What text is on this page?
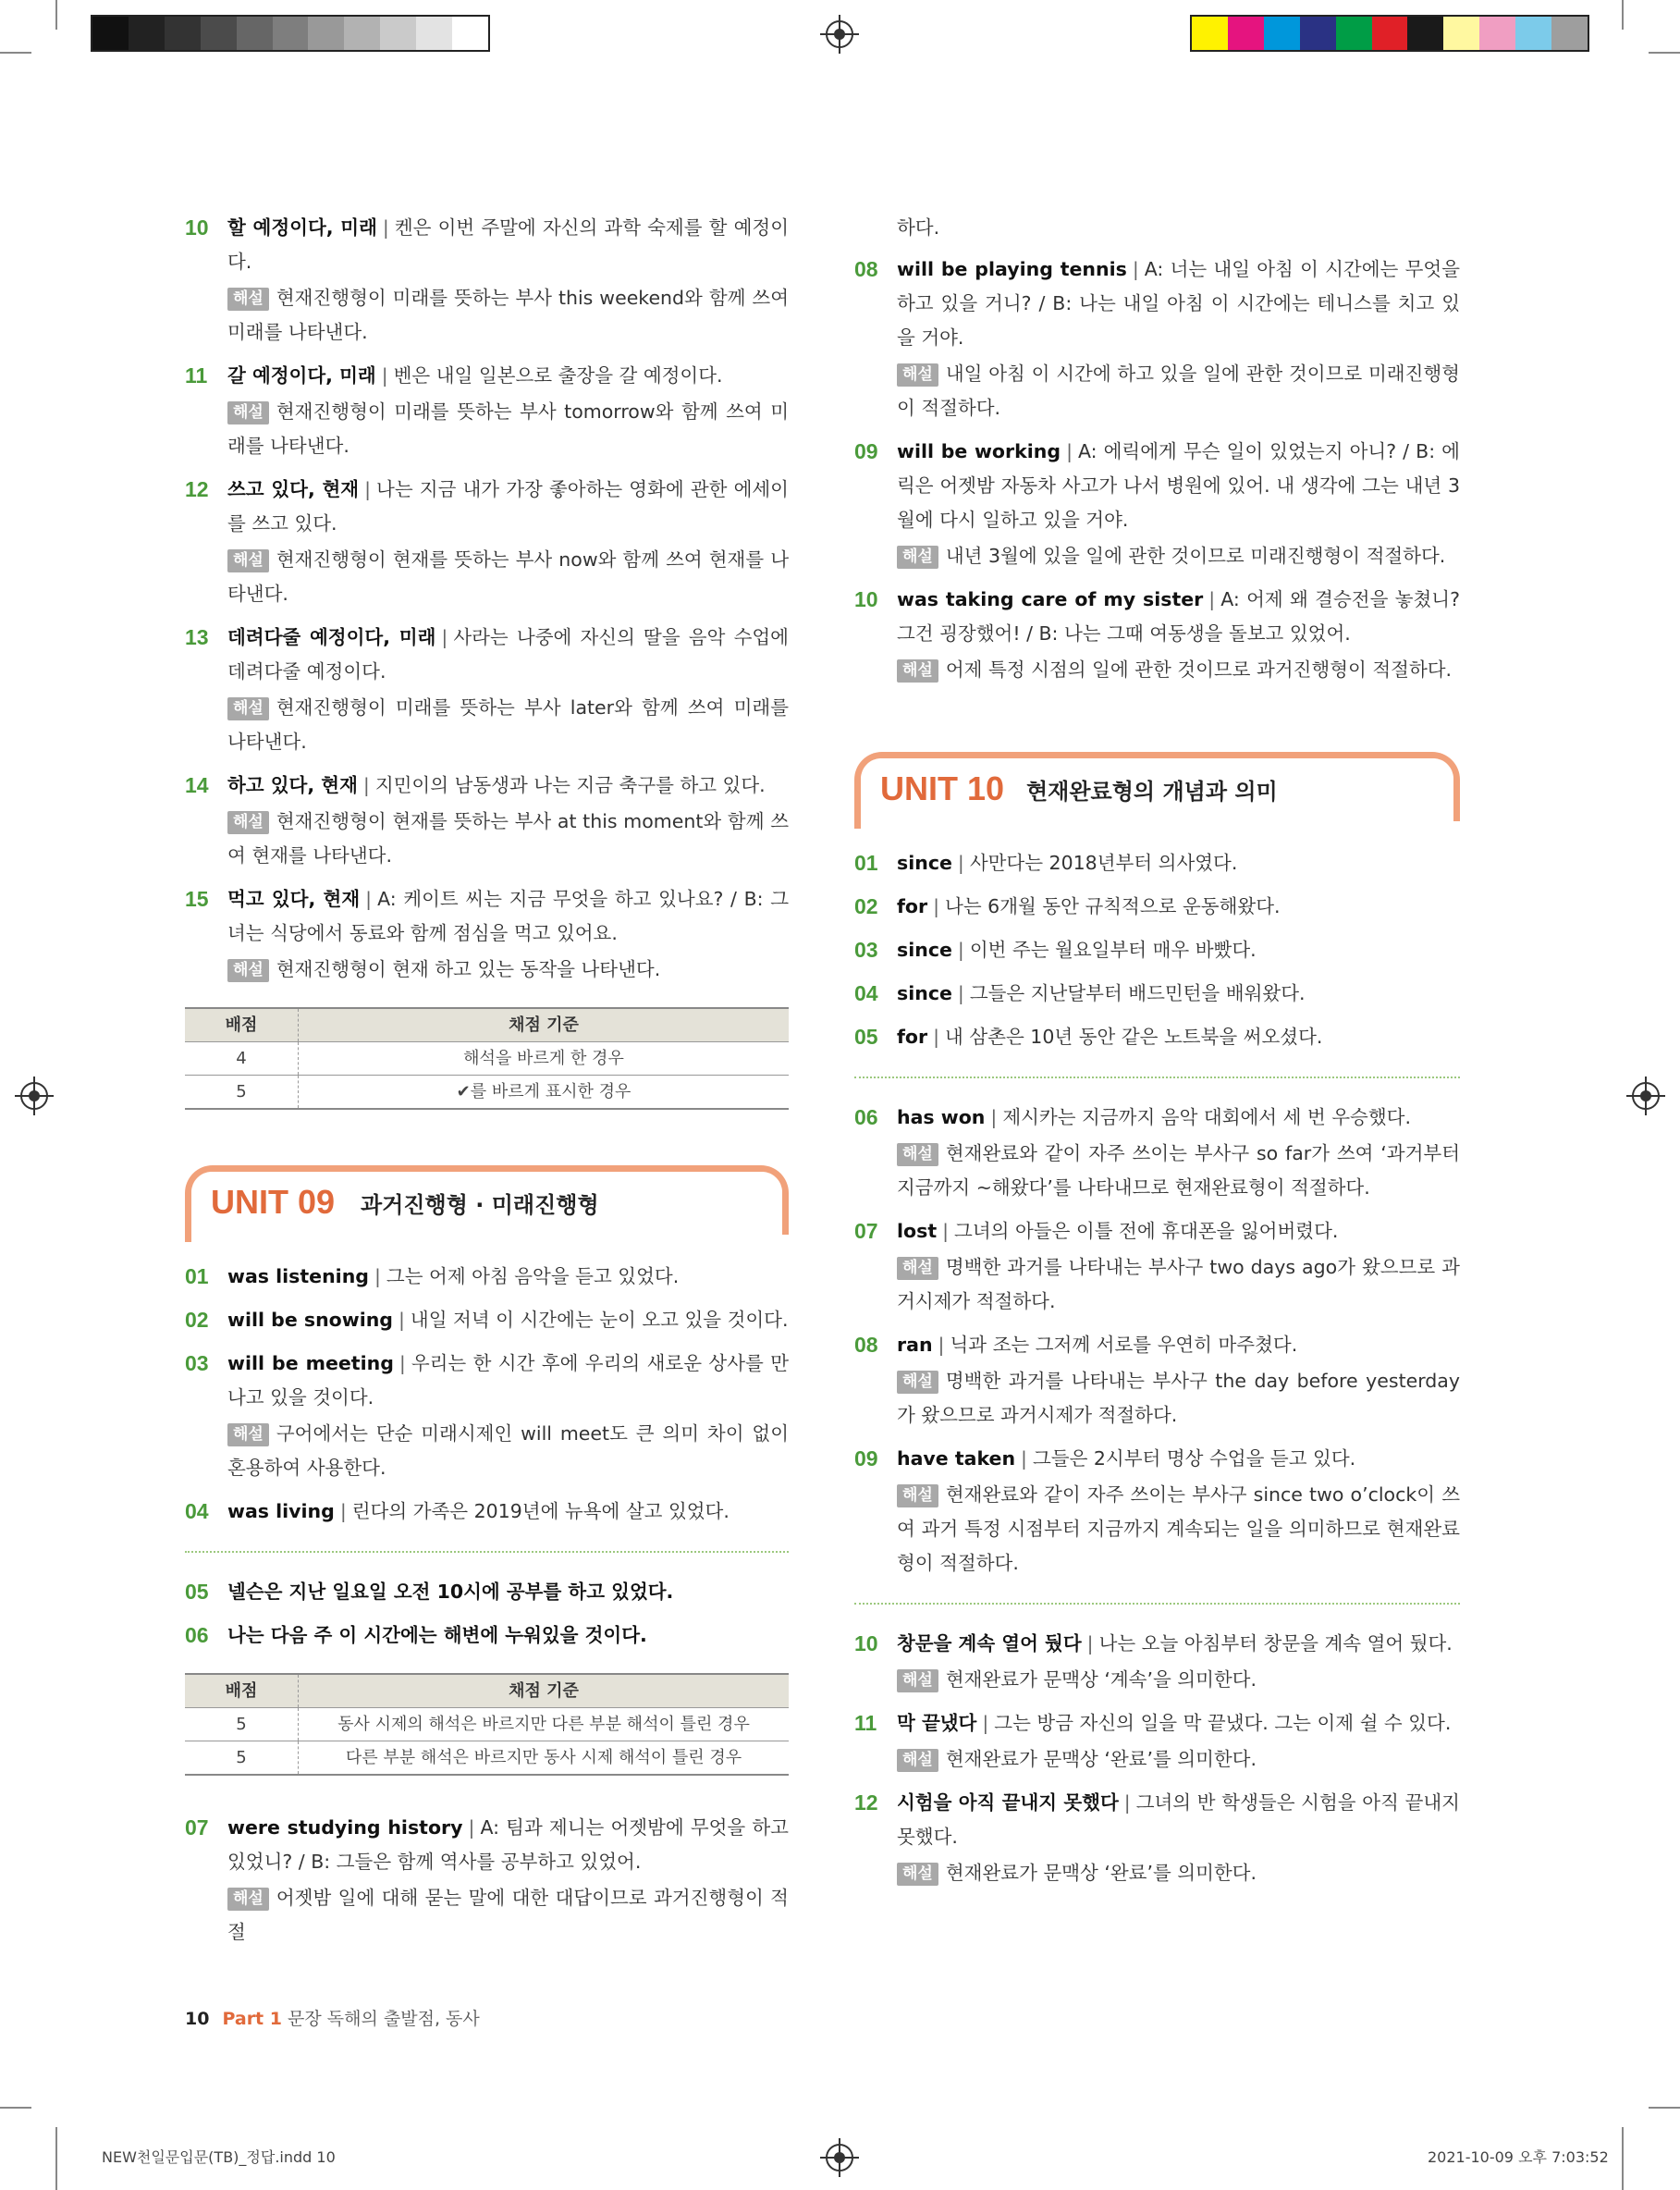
10 할 예정이다, 미래 | 켄은 이번 주말에 자신의 과학 숙제를 할 예정이다.
해설 현재진행형이 미래를 뜻하는 부사 this weekend와 함께 쓰여 미래를 나타낸다.
11 갈 예정이다, 미래 | 벤은 내일 일본으로 출장을 갈 예정이다.
해설 현재진행형이 미래를 뜻하는 부사 tomorrow와 함께 쓰여 미래를 나타낸다.
12 쓰고 있다, 현재 | 나는 지금 내가 가장 좋아하는 영화에 관한 에세이를 쓰고 있다.
해설 현재진행형이 현재를 뜻하는 부사 now와 함께 쓰여 현재를 나타낸다.
13 데려다줄 예정이다, 미래 | 사라는 나중에 자신의 딸을 음악 수업에 데려다줄 예정이다.
해설 현재진행형이 미래를 뜻하는 부사 later와 함께 쓰여 미래를 나타낸다.
14 하고 있다, 현재 | 지민이의 남동생과 나는 지금 축구를 하고 있다.
해설 현재진행형이 현재를 뜻하는 부사 at this moment와 함께 쓰여 현재를 나타낸다.
15 먹고 있다, 현재 | A: 케이트 씨는 지금 무엇을 하고 있나요? / B: 그녀는 식당에서 동료와 함께 점심을 먹고 있어요.
해설 현재진행형이 현재 하고 있는 동작을 나타낸다.
배점	채점 기준
4	해석을 바르게 한 경우
5	✔를 바르게 표시한 경우
UNIT 09 과거진행형 · 미래진행형
01 was listening | 그는 어제 아침 음악을 듣고 있었다.
02 will be snowing | 내일 저녁 이 시간에는 눈이 오고 있을 것이다.
03 will be meeting | 우리는 한 시간 후에 우리의 새로운 상사를 만나고 있을 것이다.
해설 구어에서는 단순 미래시제인 will meet도 큰 의미 차이 없이 혼용하여 사용한다.
04 was living | 린다의 가족은 2019년에 뉴욕에 살고 있었다.
05 넬슨은 지난 일요일 오전 10시에 공부를 하고 있었다.
06 나는 다음 주 이 시간에는 해변에 누워있을 것이다.
배점	채점 기준
5	동사 시제의 해석은 바르지만 다른 부분 해석이 틀린 경우
5	다른 부분 해석은 바르지만 동사 시제 해석이 틀린 경우
07 were studying history | A: 팀과 제니는 어젯밤에 무엇을 하고 있었니? / B: 그들은 함께 역사를 공부하고 있었어.
해설 어젯밤 일에 대해 묻는 말에 대한 대답이므로 과거진행형이 적절
하다.
08 will be playing tennis | A: 너는 내일 아침 이 시간에는 무엇을 하고 있을 거니? / B: 나는 내일 아침 이 시간에는 테니스를 치고 있을 거야.
해설 내일 아침 이 시간에 하고 있을 일에 관한 것이므로 미래진행형이 적절하다.
09 will be working | A: 에릭에게 무슨 일이 있었는지 아니? / B: 에릭은 어젯밤 자동차 사고가 나서 병원에 있어. 내 생각에 그는 내년 3월에 다시 일하고 있을 거야.
해설 내년 3월에 있을 일에 관한 것이므로 미래진행형이 적절하다.
10 was taking care of my sister | A: 어제 왜 결승전을 놓쳤니? 그건 굉장했어! / B: 나는 그때 여동생을 돌보고 있었어.
해설 어제 특정 시점의 일에 관한 것이므로 과거진행형이 적절하다.
UNIT 10 현재완료형의 개념과 의미
01 since | 사만다는 2018년부터 의사였다.
02 for | 나는 6개월 동안 규칙적으로 운동해왔다.
03 since | 이번 주는 월요일부터 매우 바빴다.
04 since | 그들은 지난달부터 배드민턴을 배워왔다.
05 for | 내 삼촌은 10년 동안 같은 노트북을 써오셨다.
06 has won | 제시카는 지금까지 음악 대회에서 세 번 우승했다.
해설 현재완료와 같이 자주 쓰이는 부사구 so far가 쓰여 ‘과거부터 지금까지 ~해왔다’를 나타내므로 현재완료형이 적절하다.
07 lost | 그녀의 아들은 이틀 전에 휴대폰을 잃어버렸다.
해설 명백한 과거를 나타내는 부사구 two days ago가 왔으므로 과거시제가 적절하다.
08 ran | 닉과 조는 그저께 서로를 우연히 마주쳤다.
해설 명백한 과거를 나타내는 부사구 the day before yesterday가 왔으므로 과거시제가 적절하다.
09 have taken | 그들은 2시부터 명상 수업을 듣고 있다.
해설 현재완료와 같이 자주 쓰이는 부사구 since two o’clock이 쓰여 과거 특정 시점부터 지금까지 계속되는 일을 의미하므로 현재완료형이 적절하다.
10 창문을 계속 열어 뒀다 | 나는 오늘 아침부터 창문을 계속 열어 뒀다.
해설 현재완료가 문맥상 ‘계속’을 의미한다.
11 막 끝냈다 | 그는 방금 자신의 일을 막 끝냈다. 그는 이제 쉴 수 있다.
해설 현재완료가 문맥상 ‘완료’를 의미한다.
12 시험을 아직 끝내지 못했다 | 그녀의 반 학생들은 시험을 아직 끝내지 못했다.
해설 현재완료가 문맥상 ‘완료’를 의미한다.
10 Part 1 문장 독해의 출발점, 동사
NEW천일문입문(TB)_정답.indd 10	2021-10-09 오후 7:03:52
